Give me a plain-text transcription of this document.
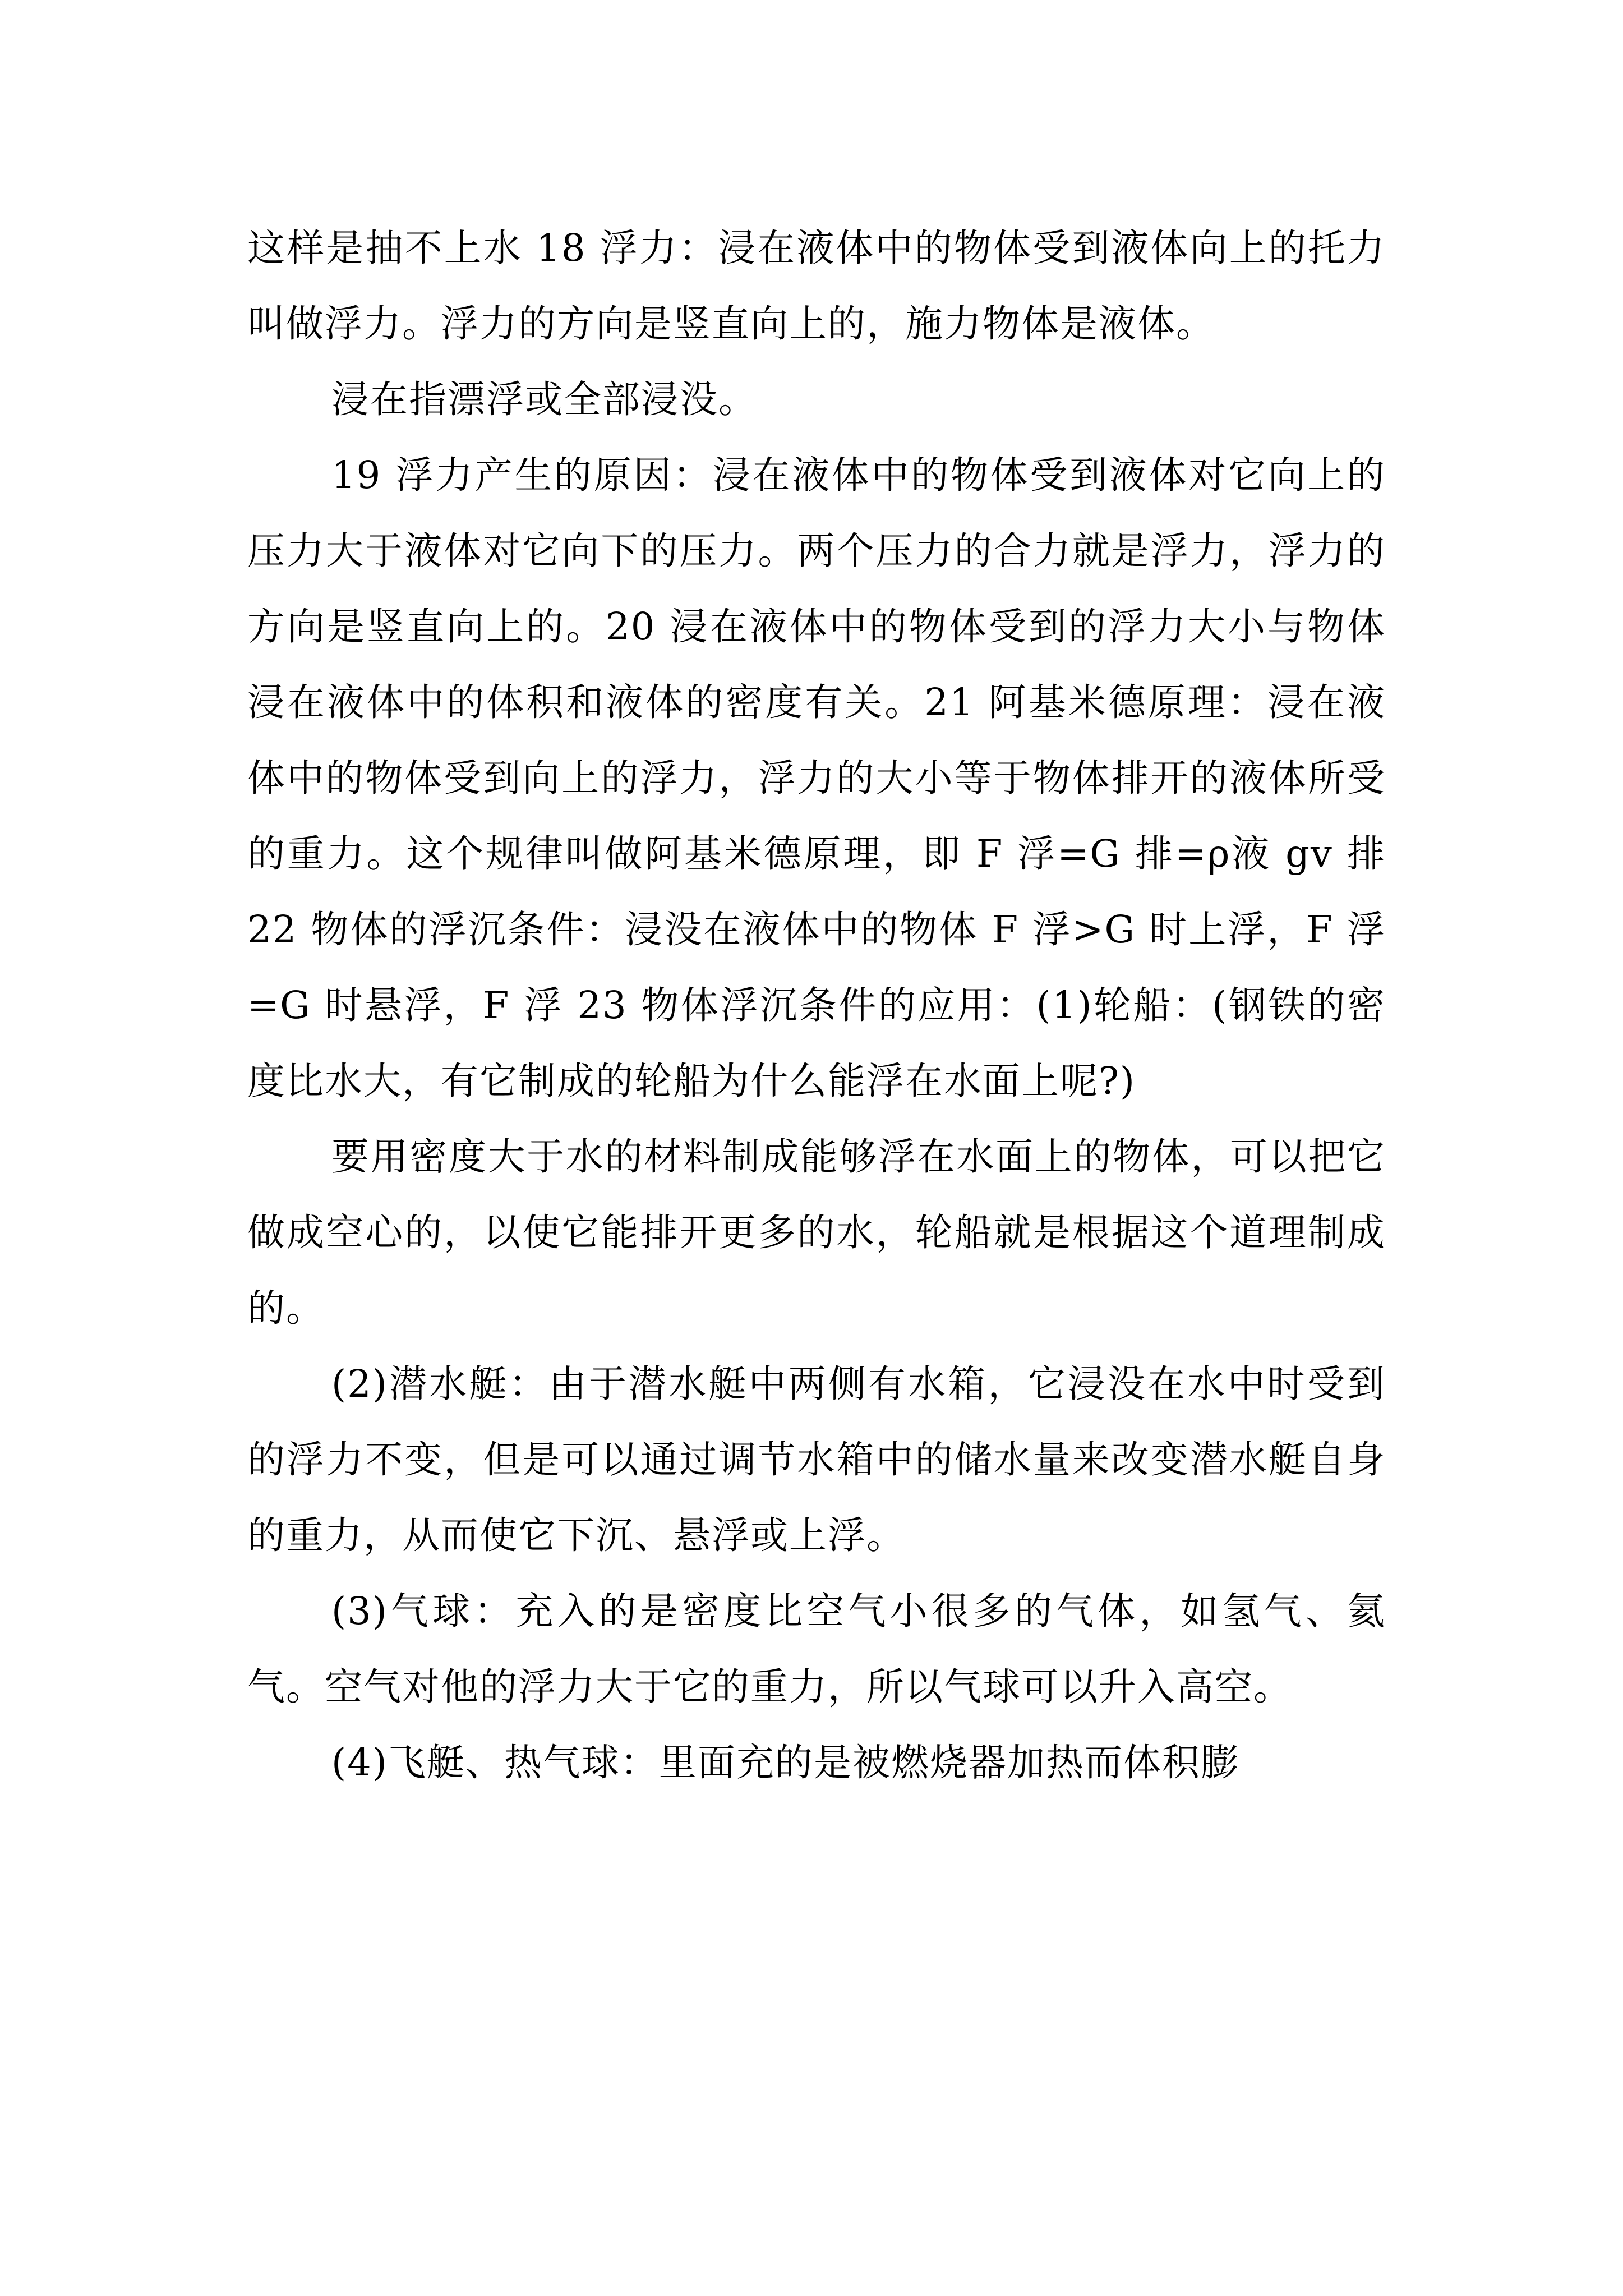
这样是抽不上水 18 浮力：浸在液体中的物体受到液体向上的托力叫做浮力。浮力的方向是竖直向上的，施力物体是液体。

浸在指漂浮或全部浸没。

19 浮力产生的原因：浸在液体中的物体受到液体对它向上的压力大于液体对它向下的压力。两个压力的合力就是浮力，浮力的方向是竖直向上的。20 浸在液体中的物体受到的浮力大小与物体浸在液体中的体积和液体的密度有关。21 阿基米德原理：浸在液体中的物体受到向上的浮力，浮力的大小等于物体排开的液体所受的重力。这个规律叫做阿基米德原理，即 F 浮=G 排=ρ液 gv 排 22 物体的浮沉条件：浸没在液体中的物体 F 浮>G 时上浮，F 浮=G 时悬浮，F 浮 23 物体浮沉条件的应用：(1)轮船：(钢铁的密度比水大，有它制成的轮船为什么能浮在水面上呢?)

要用密度大于水的材料制成能够浮在水面上的物体，可以把它做成空心的，以使它能排开更多的水，轮船就是根据这个道理制成的。

(2)潜水艇：由于潜水艇中两侧有水箱，它浸没在水中时受到的浮力不变，但是可以通过调节水箱中的储水量来改变潜水艇自身的重力，从而使它下沉、悬浮或上浮。

(3)气球：充入的是密度比空气小很多的气体，如氢气、氦气。空气对他的浮力大于它的重力，所以气球可以升入高空。

(4)飞艇、热气球：里面充的是被燃烧器加热而体积膨
